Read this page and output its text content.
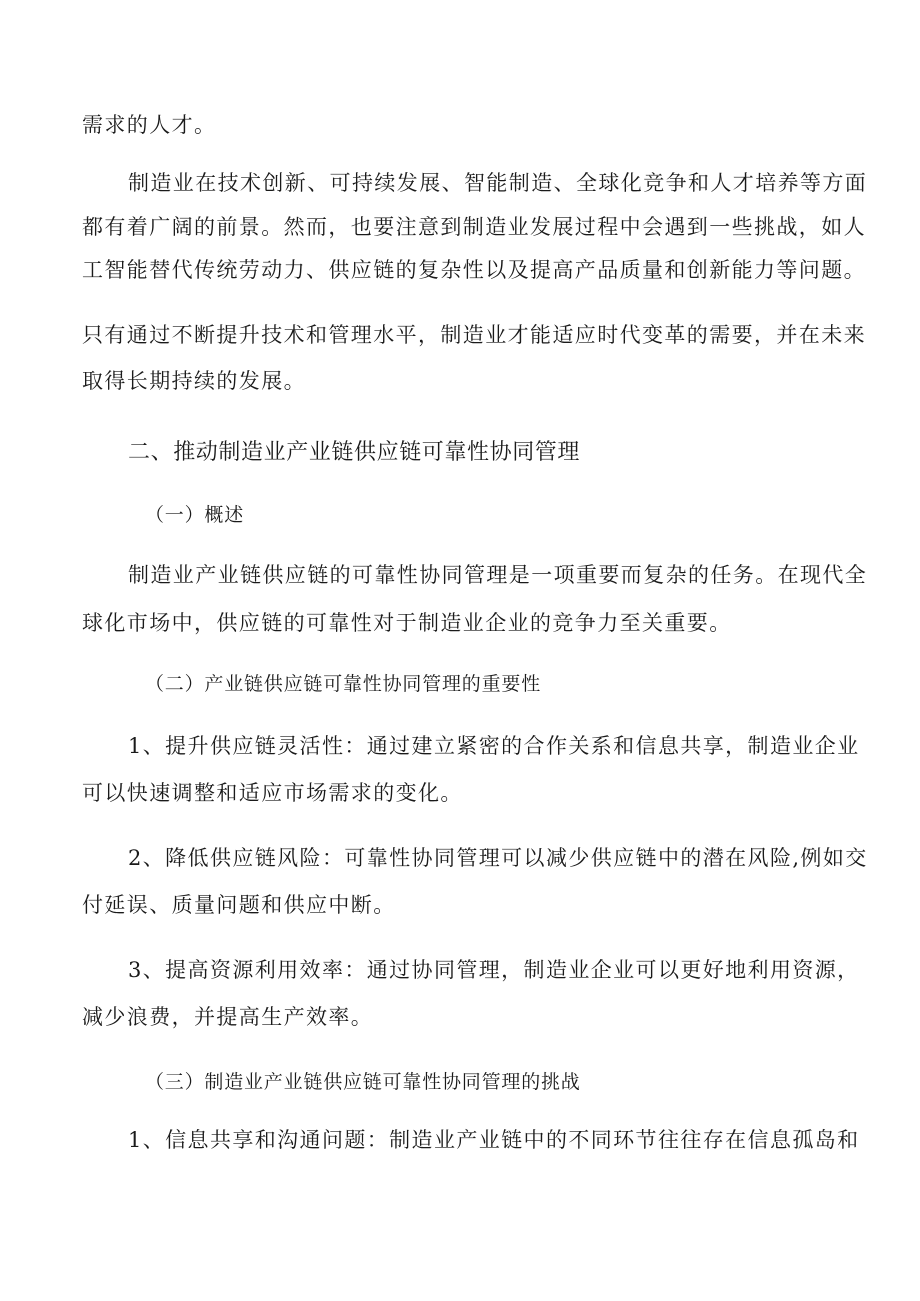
需求的人才。
制造业在技术创新、可持续发展、智能制造、全球化竞争和人才培养等方面
都有着广阔的前景。然而，也要注意到制造业发展过程中会遇到一些挑战，如人
工智能替代传统劳动力、供应链的复杂性以及提高产品质量和创新能力等问题。
只有通过不断提升技术和管理水平，制造业才能适应时代变革的需要，并在未来
取得长期持续的发展。
二、推动制造业产业链供应链可靠性协同管理
（一）概述
制造业产业链供应链的可靠性协同管理是一项重要而复杂的任务。在现代全
球化市场中，供应链的可靠性对于制造业企业的竞争力至关重要。
（二）产业链供应链可靠性协同管理的重要性
1、提升供应链灵活性：通过建立紧密的合作关系和信息共享，制造业企业
可以快速调整和适应市场需求的变化。
2、降低供应链风险：可靠性协同管理可以减少供应链中的潜在风险,例如交
付延误、质量问题和供应中断。
3、提高资源利用效率：通过协同管理，制造业企业可以更好地利用资源，
减少浪费，并提高生产效率。
（三）制造业产业链供应链可靠性协同管理的挑战
1、信息共享和沟通问题：制造业产业链中的不同环节往往存在信息孤岛和
